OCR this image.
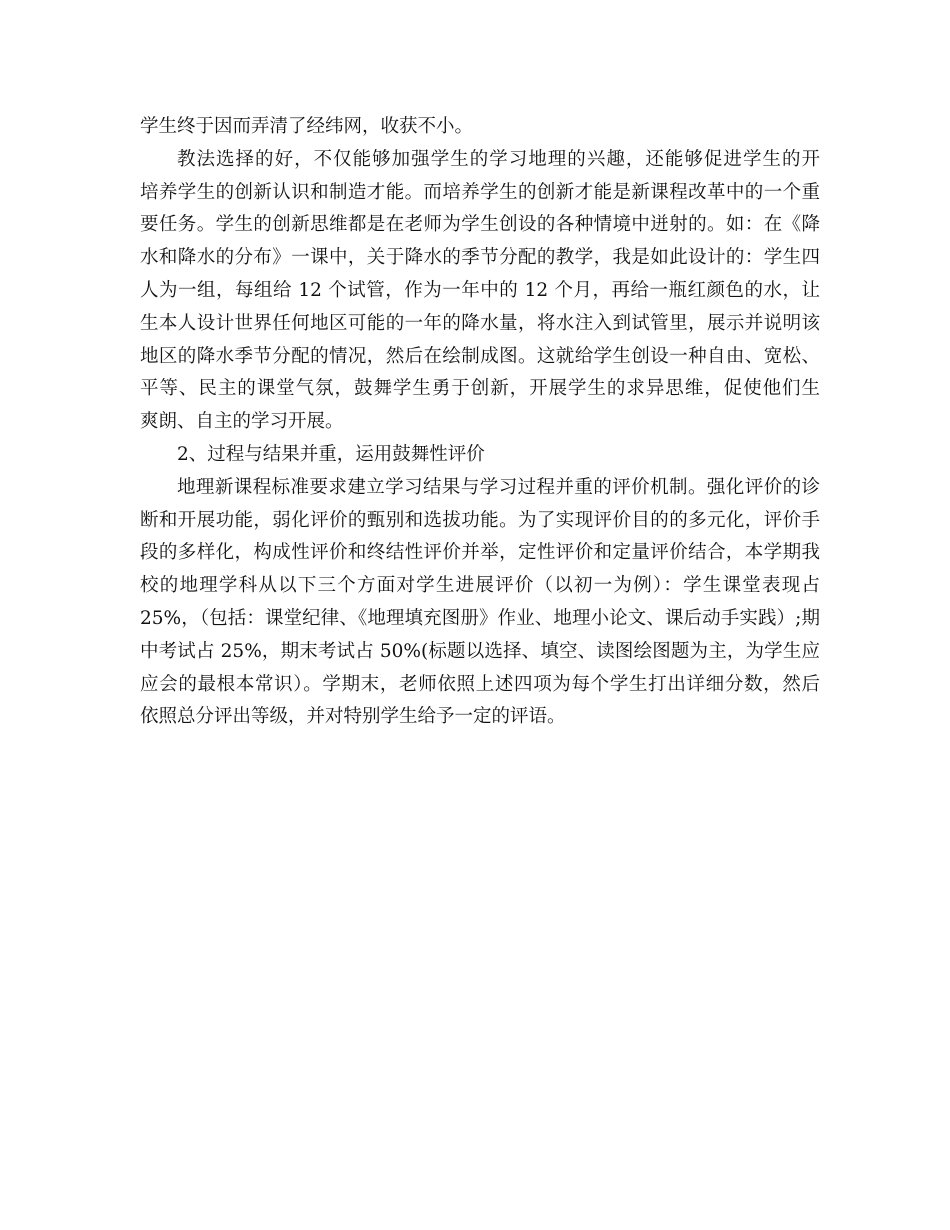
学生终于因而弄清了经纬网，收获不小。
教法选择的好，不仅能够加强学生的学习地理的兴趣，还能够促进学生的开
培养学生的创新认识和制造才能。而培养学生的创新才能是新课程改革中的一个重
要任务。学生的创新思维都是在老师为学生创设的各种情境中迸射的。如：在《降
水和降水的分布》一课中，关于降水的季节分配的教学，我是如此设计的：学生四
人为一组，每组给 12 个试管，作为一年中的 12 个月，再给一瓶红颜色的水，让
生本人设计世界任何地区可能的一年的降水量，将水注入到试管里，展示并说明该
地区的降水季节分配的情况，然后在绘制成图。这就给学生创设一种自由、宽松、
平等、民主的课堂气氛，鼓舞学生勇于创新，开展学生的求异思维，促使他们生
爽朗、自主的学习开展。
2、过程与结果并重，运用鼓舞性评价
地理新课程标准要求建立学习结果与学习过程并重的评价机制。强化评价的诊
断和开展功能，弱化评价的甄别和选拔功能。为了实现评价目的的多元化，评价手
段的多样化，构成性评价和终结性评价并举，定性评价和定量评价结合，本学期我
校的地理学科从以下三个方面对学生进展评价（以初一为例）：学生课堂表现占
25%，（包括：课堂纪律、《地理填充图册》作业、地理小论文、课后动手实践）;期
中考试占 25%，期末考试占 50%(标题以选择、填空、读图绘图题为主，为学生应
应会的最根本常识）。学期末，老师依照上述四项为每个学生打出详细分数，然后
依照总分评出等级，并对特别学生给予一定的评语。
